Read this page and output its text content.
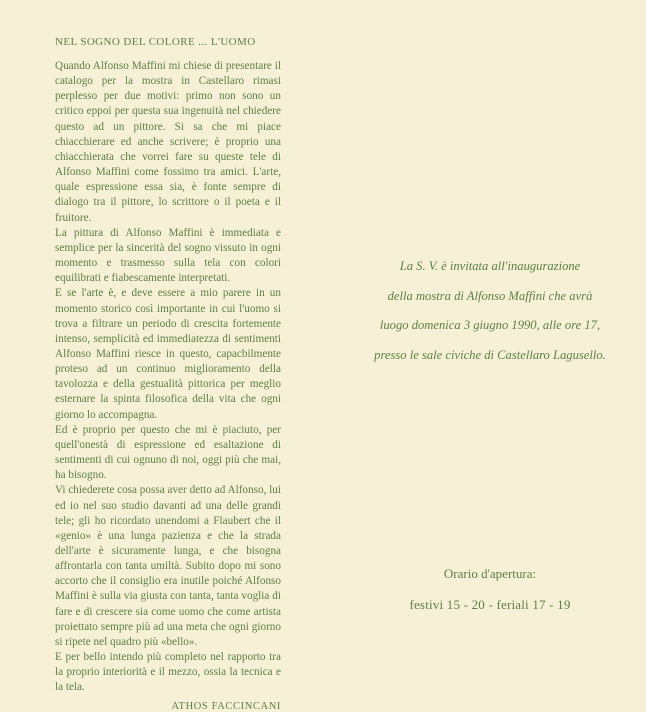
NEL SOGNO DEL COLORE ... L'UOMO

Quando Alfonso Maffini mi chiese di presentare il catalogo per la mostra in Castellaro rimasi perplesso per due motivi: primo non sono un critico eppoi per questa sua ingenuità nel chiedere questo ad un pittore. Si sa che mi piace chiacchierare ed anche scrivere; è proprio una chiacchierata che vorrei fare su queste tele di Alfonso Maffini come fossimo tra amici. L'arte, quale espressione essa sia, è fonte sempre di dialogo tra il pittore, lo scrittore o il poeta e il fruitore.

La pittura di Alfonso Maffini è immediata e semplice per la sincerità del sogno vissuto in ogni momento e trasmesso sulla tela con colori equilibrati e fiabescamente interpretati.

E se l'arte è, e deve essere a mio parere in un momento storico così importante in cui l'uomo si trova a filtrare un periodo di crescita fortemente intenso, semplicità ed immediatezza di sentimenti Alfonso Maffini riesce in questo, capacbilmente proteso ad un continuo miglioramento della tavolozza e della gestualità pittorica per meglio esternare la spinta filosofica della vita che ogni giorno lo accompagna.

Ed è proprio per questo che mi è piaciuto, per quell'onestà di espressione ed esaltazione di sentimenti di cui ognuno di noi, oggi più che mai, ha bisogno.

Vi chiederete cosa possa aver detto ad Alfonso, lui ed io nel suo studio davanti ad una delle grandi tele; gli ho ricordato unendomi a Flaubert che il «genio» è una lunga pazienza e che la strada dell'arte è sicuramente lunga, e che bisogna affrontarla con tanta umiltà. Subito dopo mi sono accorto che il consiglio era inutile poiché Alfonso Maffini è sulla via giusta con tanta, tanta voglia di fare e di crescere sia come uomo che come artista proiettato sempre più ad una meta che ogni giorno si ripete nel quadro più «bello».

E per bello intendo più completo nel rapporto tra la proprio interiorità e il mezzo, ossia la tecnica e la tela.

ATHOS FACCINCANI
La S. V. è invitata all'inaugurazione
della mostra di Alfonso Maffini che avrà
luogo domenica 3 giugno 1990, alle ore 17,
presso le sale civiche di Castellaro Lagusello.
Orario d'apertura:
festivi 15 - 20 - feriali 17 - 19
